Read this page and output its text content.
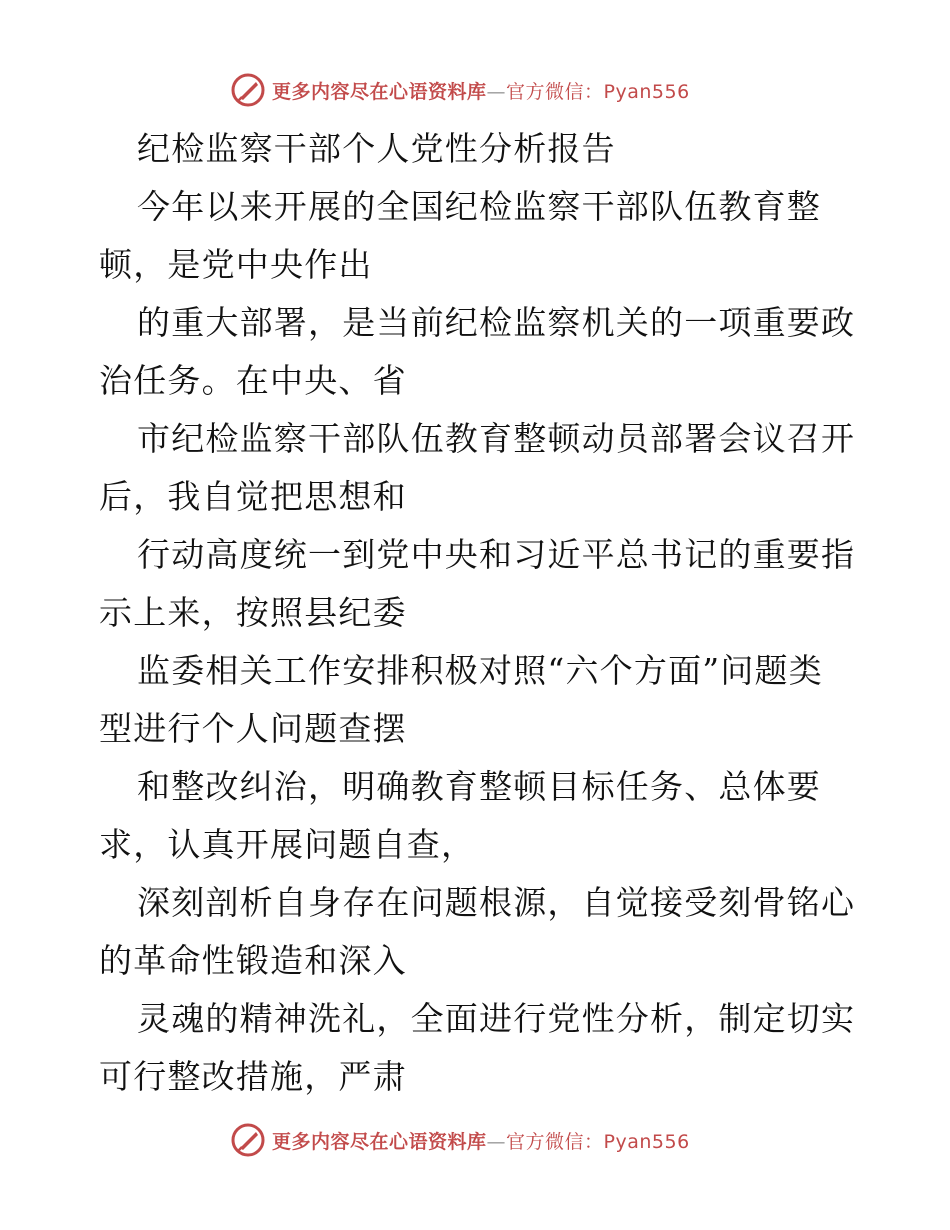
更多内容尽在心语资料库—官方微信：Pyan556
纪检监察干部个人党性分析报告
今年以来开展的全国纪检监察干部队伍教育整
顿，是党中央作出
的重大部署，是当前纪检监察机关的一项重要政
治任务。在中央、省
市纪检监察干部队伍教育整顿动员部署会议召开
后，我自觉把思想和
行动高度统一到党中央和习近平总书记的重要指
示上来，按照县纪委
监委相关工作安排积极对照“六个方面”问题类
型进行个人问题查摆
和整改纠治，明确教育整顿目标任务、总体要
求，认真开展问题自查，
深刻剖析自身存在问题根源，自觉接受刻骨铭心
的革命性锻造和深入
灵魂的精神洗礼，全面进行党性分析，制定切实
可行整改措施，严肃
更多内容尽在心语资料库—官方微信：Pyan556
